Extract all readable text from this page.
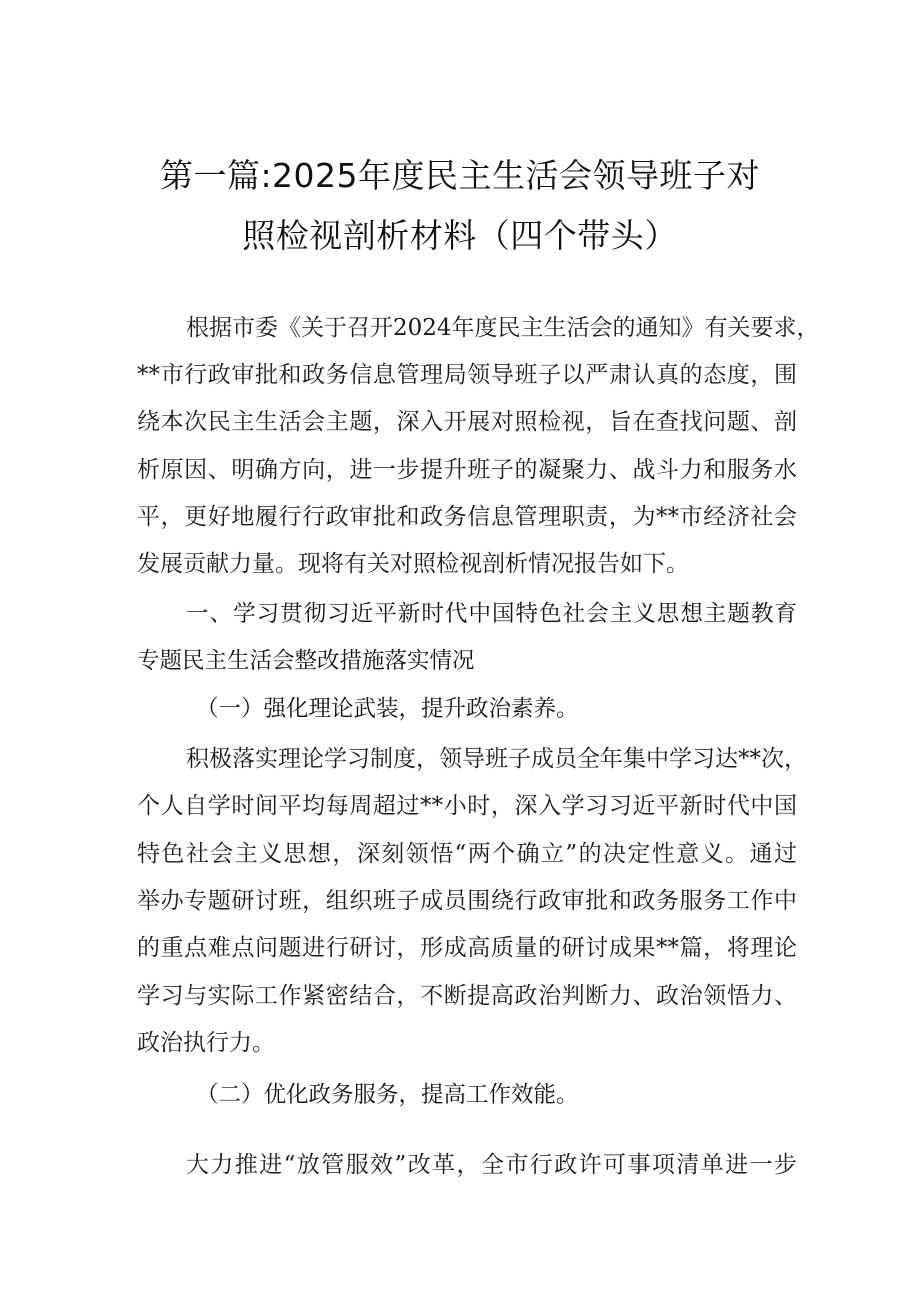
第一篇:2025年度民主生活会领导班子对
照检视剖析材料（四个带头）
根据市委《关于召开2024年度民主生活会的通知》有关要求，
**市行政审批和政务信息管理局领导班子以严肃认真的态度，围
绕本次民主生活会主题，深入开展对照检视，旨在查找问题、剖
析原因、明确方向，进一步提升班子的凝聚力、战斗力和服务水
平，更好地履行行政审批和政务信息管理职责，为**市经济社会
发展贡献力量。现将有关对照检视剖析情况报告如下。
一、学习贯彻习近平新时代中国特色社会主义思想主题教育
专题民主生活会整改措施落实情况
（一）强化理论武装，提升政治素养。
积极落实理论学习制度，领导班子成员全年集中学习达**次，
个人自学时间平均每周超过**小时，深入学习习近平新时代中国
特色社会主义思想，深刻领悟“两个确立”的决定性意义。通过
举办专题研讨班，组织班子成员围绕行政审批和政务服务工作中
的重点难点问题进行研讨，形成高质量的研讨成果**篇，将理论
学习与实际工作紧密结合，不断提高政治判断力、政治领悟力、
政治执行力。
（二）优化政务服务，提高工作效能。
大力推进“放管服效”改革，全市行政许可事项清单进一步
